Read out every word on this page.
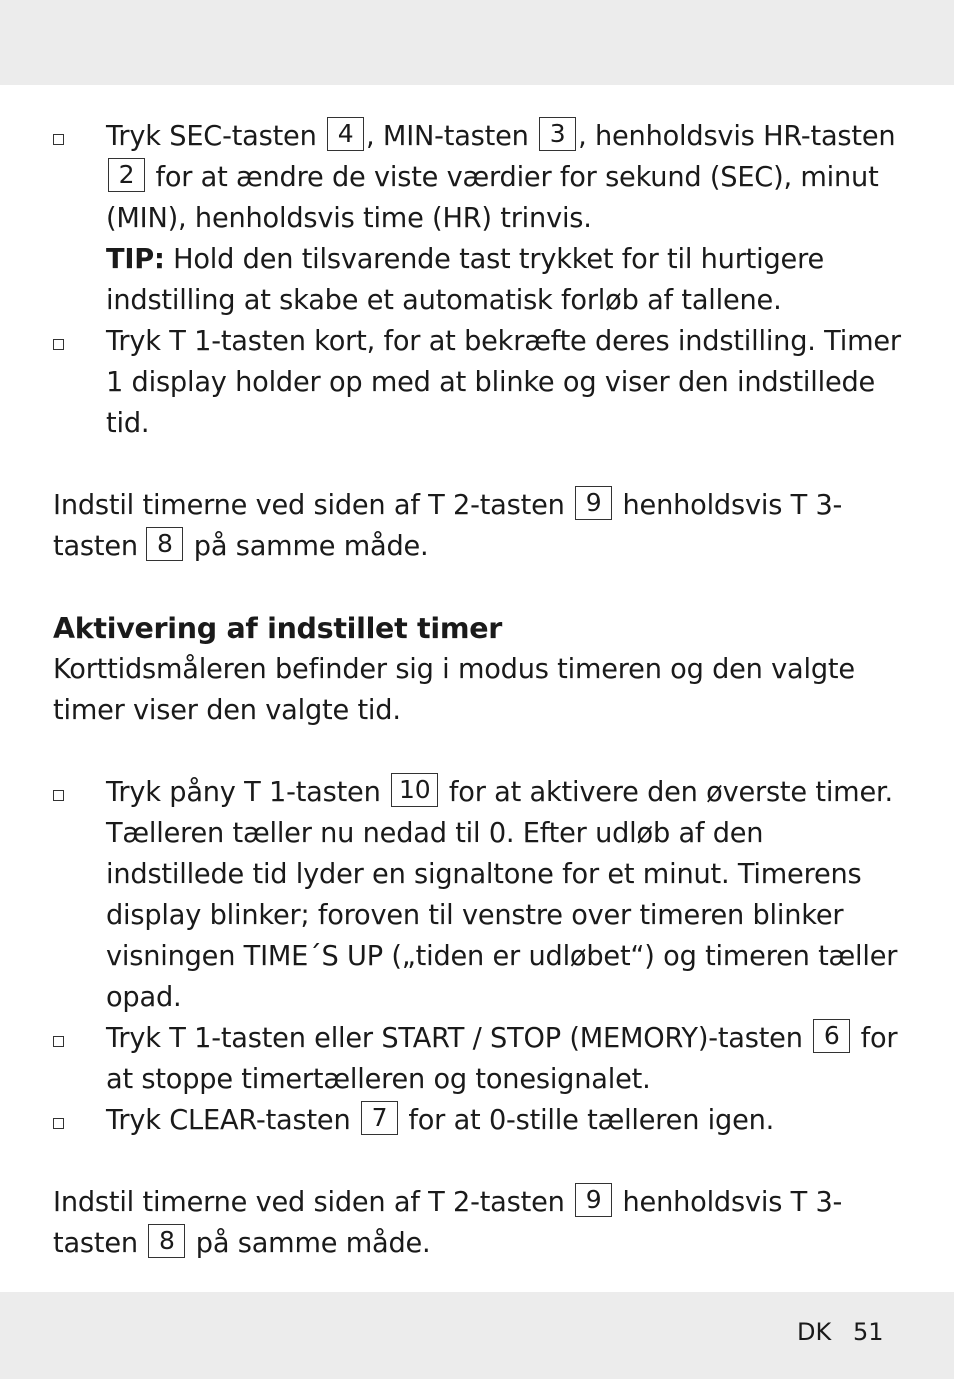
Tryk SEC-tasten 4 , MIN-tasten 3 , henholdsvis HR-tasten 2 for at ændre de viste værdier for sekund (SEC), minut (MIN), henholdsvis time (HR) trinvis.
TIP: Hold den tilsvarende tast trykket for til hurtigere indstilling at skabe et automatisk forløb af tallene.
Tryk T 1-tasten kort, for at bekræfte deres indstilling. Timer 1 display holder op med at blinke og viser den indstillede tid.

Indstil timerne ved siden af T 2-tasten 9 henholdsvis T 3-tasten 8 på samme måde.

Aktivering af indstillet timer

Korttidsmåleren befinder sig i modus timeren og den valgte timer viser den valgte tid.

Tryk påny T 1-tasten 10 for at aktivere den øverste timer. Tælleren tæller nu nedad til 0. Efter udløb af den indstillede tid lyder en signaltone for et minut. Timerens display blinker; foroven til venstre over timeren blinker visningen TIME´S UP („tiden er udløbet“) og timeren tæller opad.
Tryk T 1-tasten eller START / STOP (MEMORY)-tasten 6 for at stoppe timertælleren og tonesignalet.
Tryk CLEAR-tasten 7 for at 0-stille tælleren igen.

Indstil timerne ved siden af T 2-tasten 9 henholdsvis T 3-tasten 8 på samme måde.

DK 51
